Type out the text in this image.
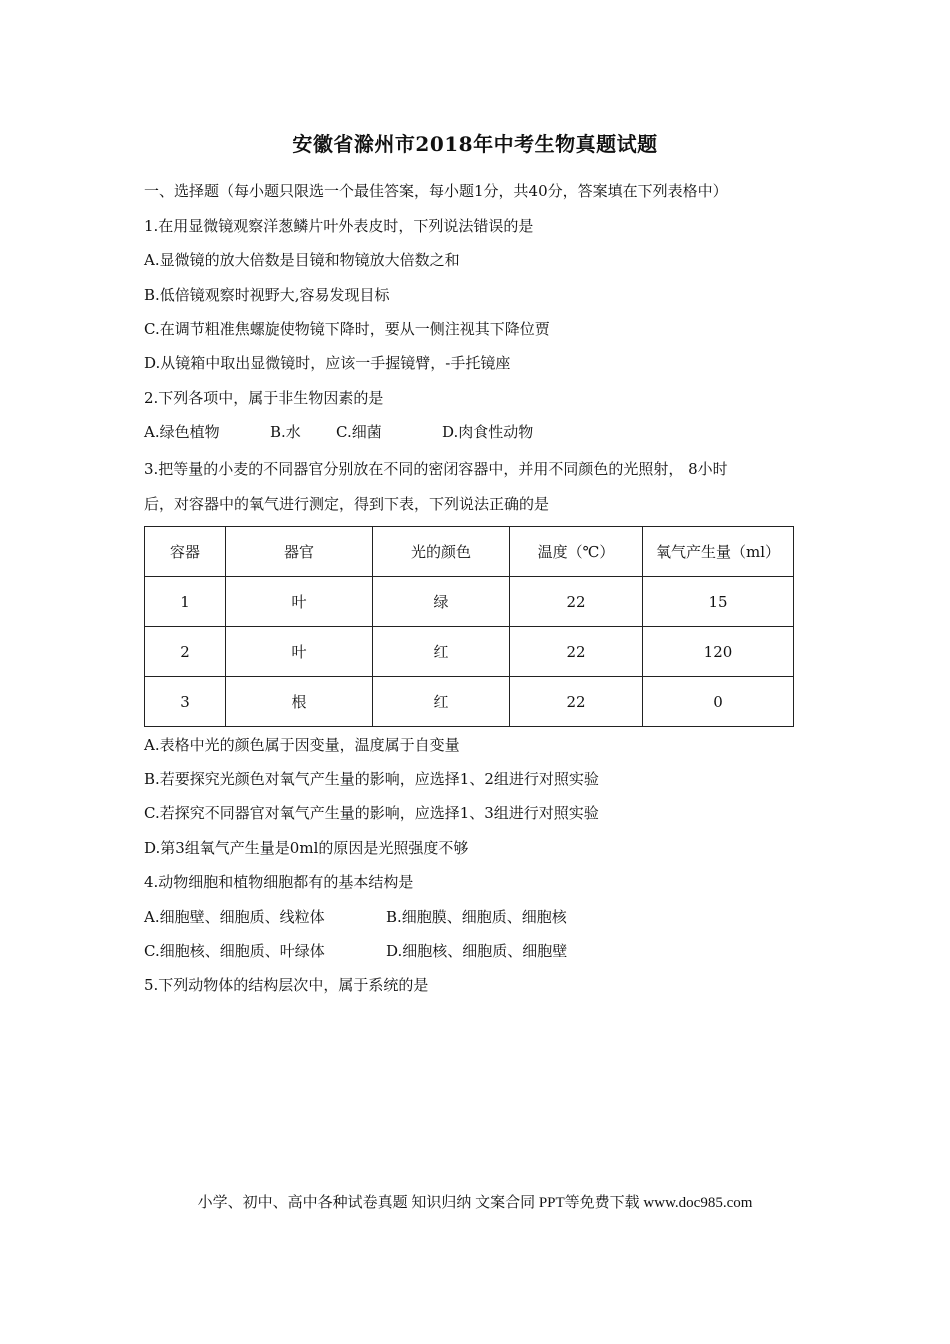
安徽省滁州市2018年中考生物真题试题
一、选择题（每小题只限选一个最佳答案，每小题1分，共40分，答案填在下列表格中）
1.在用显微镜观察洋葱鳞片叶外表皮时，下列说法错误的是
A.显微镜的放大倍数是目镜和物镜放大倍数之和
B.低倍镜观察时视野大,容易发现目标
C.在调节粗准焦螺旋使物镜下降时，要从一侧注视其下降位贾
D.从镜箱中取出显微镜时，应该一手握镜臂，-手托镜座
2.下列各项中，属于非生物因素的是
A.绿色植物	B.水 C.细菌	D.肉食性动物
3.把等量的小麦的不同器官分别放在不同的密闭容器中，并用不同颜色的光照射， 8小时
后，对容器中的氧气进行测定，得到下表，下列说法正确的是
容器	器官	光的颜色	温度（℃）	氧气产生量（ml）
1	叶	绿	22	15
2	叶	红	22	120
3	根	红	22	0
A.表格中光的颜色属于因变量，温度属于自变量
B.若要探究光颜色对氧气产生量的影响，应选择1、2组进行对照实验
C.若探究不同器官对氧气产生量的影响，应选择1、3组进行对照实验
D.第3组氧气产生量是0ml的原因是光照强度不够
4.动物细胞和植物细胞都有的基本结构是
A.细胞壁、细胞质、线粒体	B.细胞膜、细胞质、细胞核
C.细胞核、细胞质、叶绿体	D.细胞核、细胞质、细胞壁
5.下列动物体的结构层次中，属于系统的是
小学、初中、高中各种试卷真题 知识归纳 文案合同 PPT等免费下载 www.doc985.com
